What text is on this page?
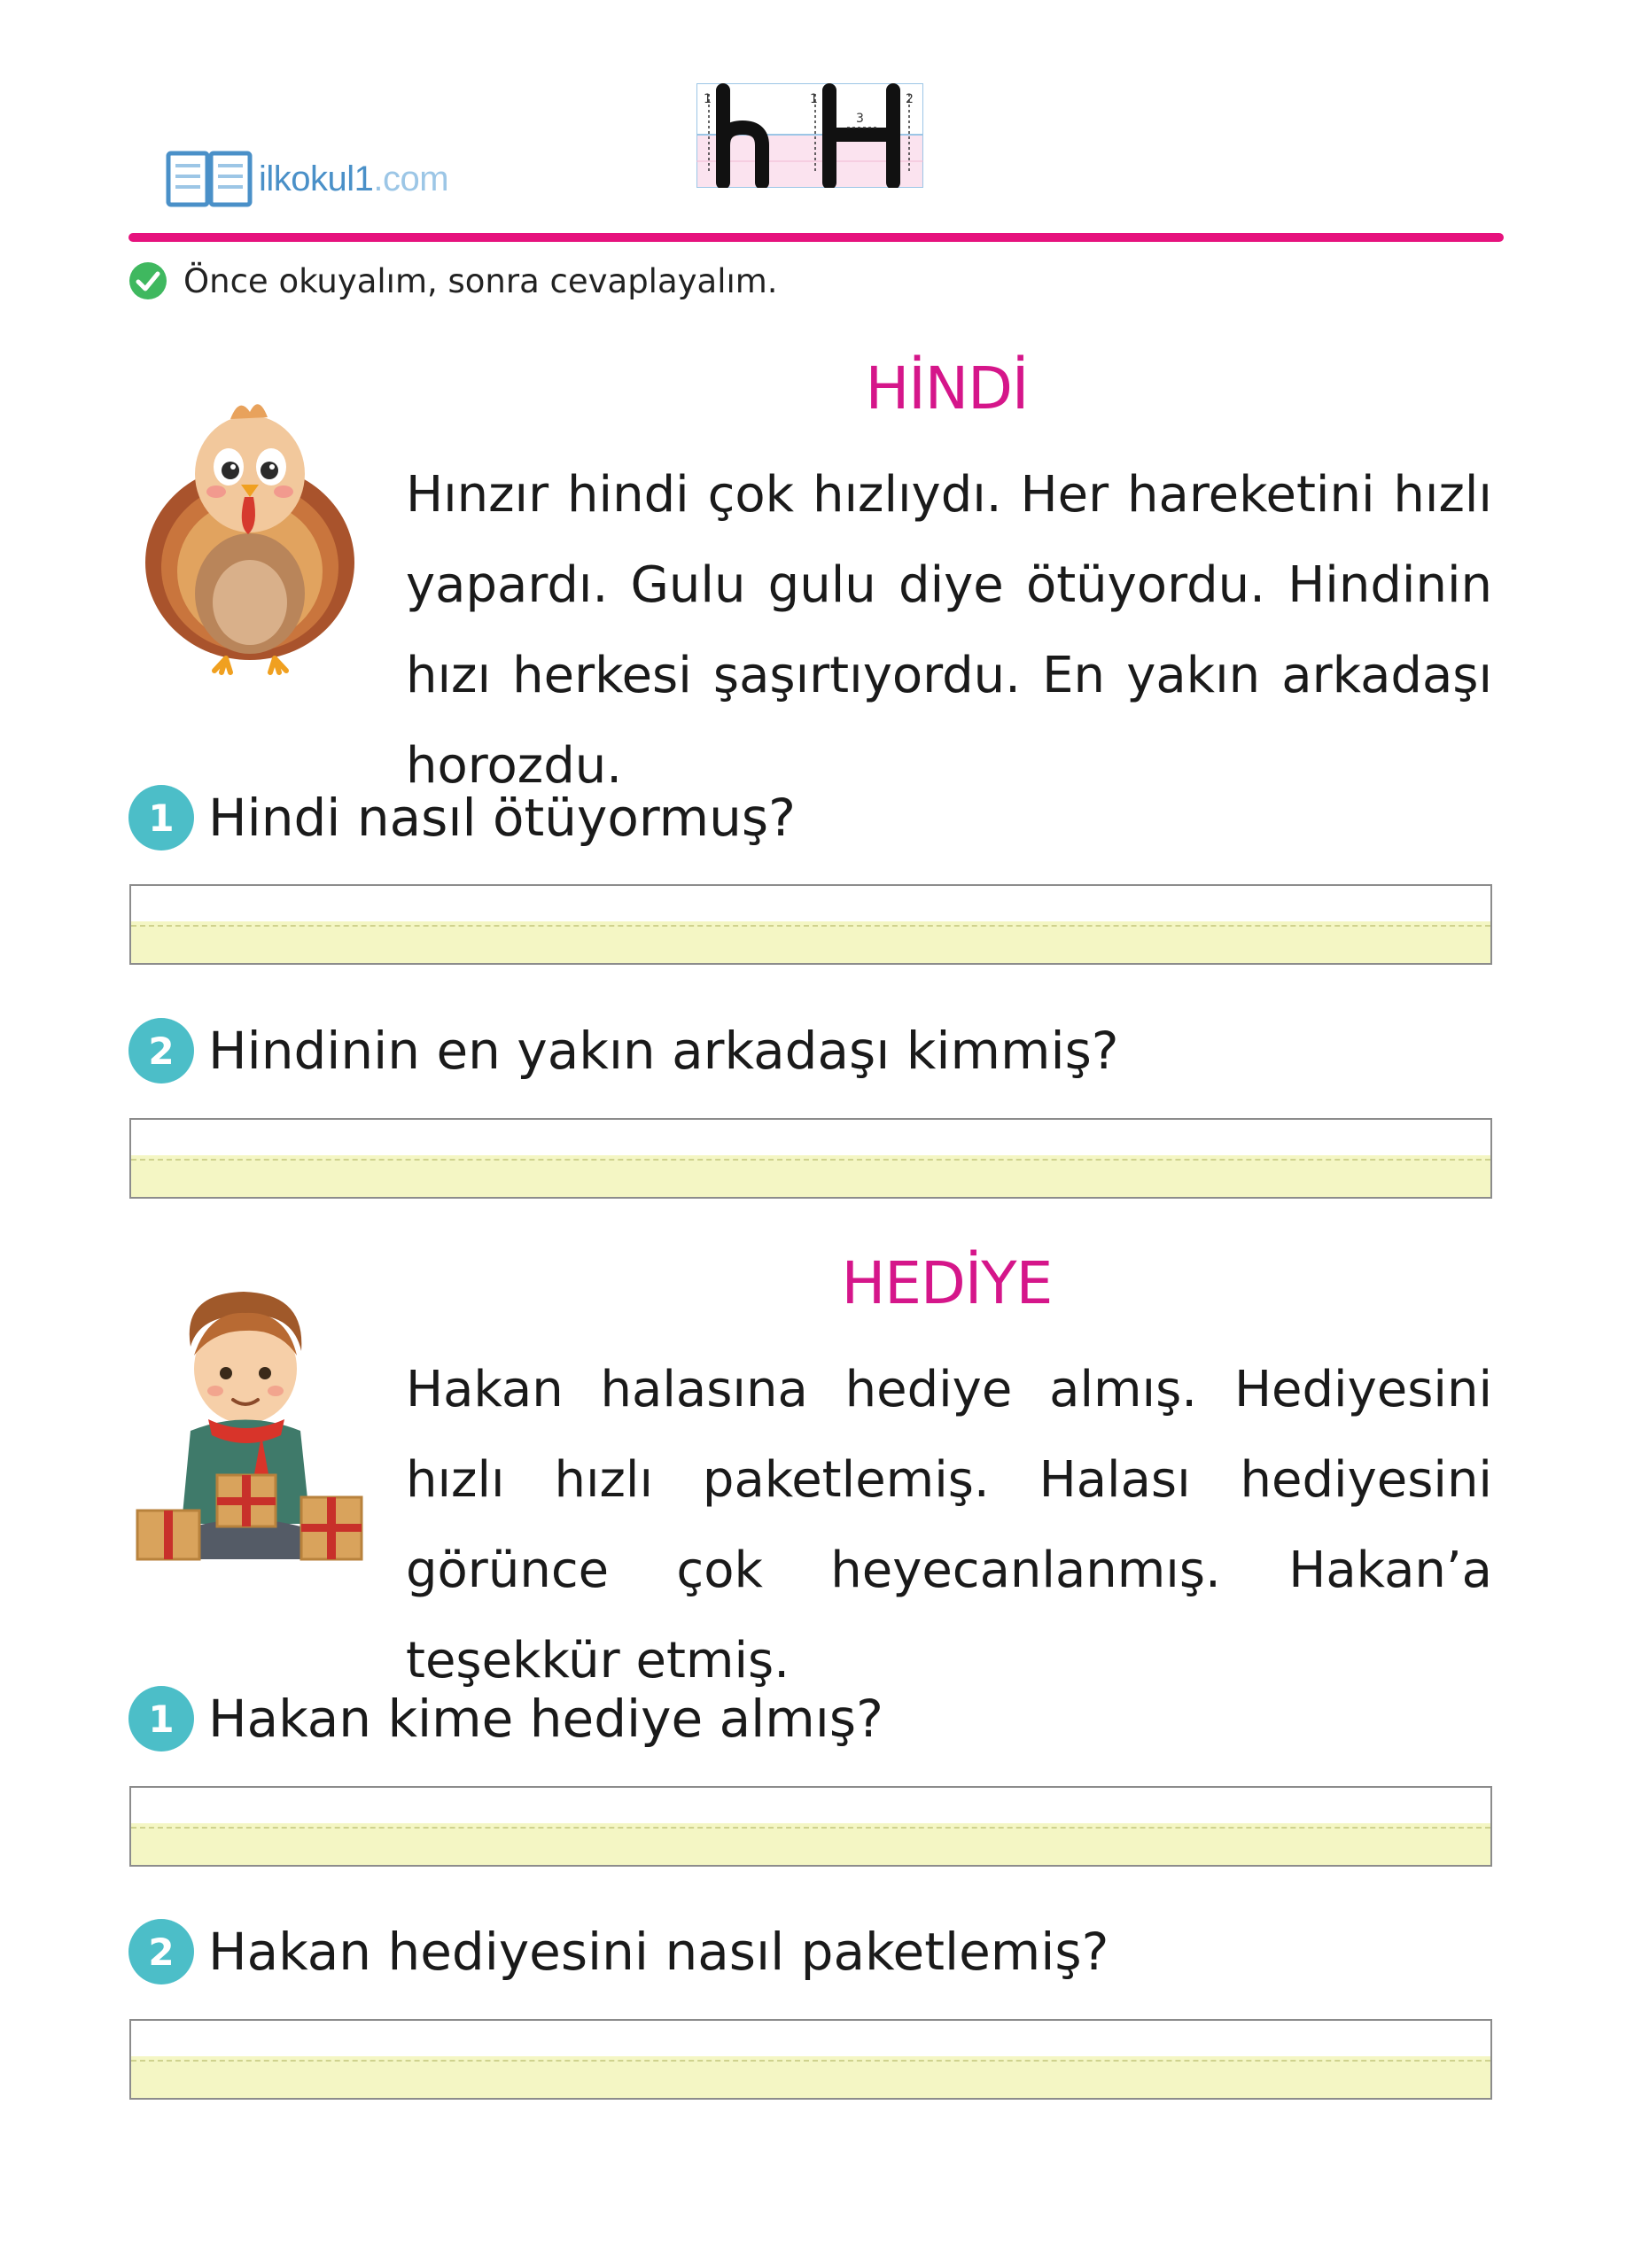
ilkokul1.com
1	1
3
2
Önce okuyalım, sonra cevaplayalım.
HİNDİ
Hınzır hindi çok hızlıydı. Her hareketini hızlı yapardı. Gulu gulu diye ötüyordu. Hindinin hızı herkesi şaşırtıyordu. En yakın arkadaşı horozdu.
1 Hindi nasıl ötüyormuş?
2 Hindinin en yakın arkadaşı kimmiş?
HEDİYE
Hakan halasına hediye almış. Hediyesini hızlı hızlı paketlemiş. Halası hediyesini görünce çok heyecanlanmış. Hakan’a teşekkür etmiş.
1 Hakan kime hediye almış?
2 Hakan hediyesini nasıl paketlemiş?
